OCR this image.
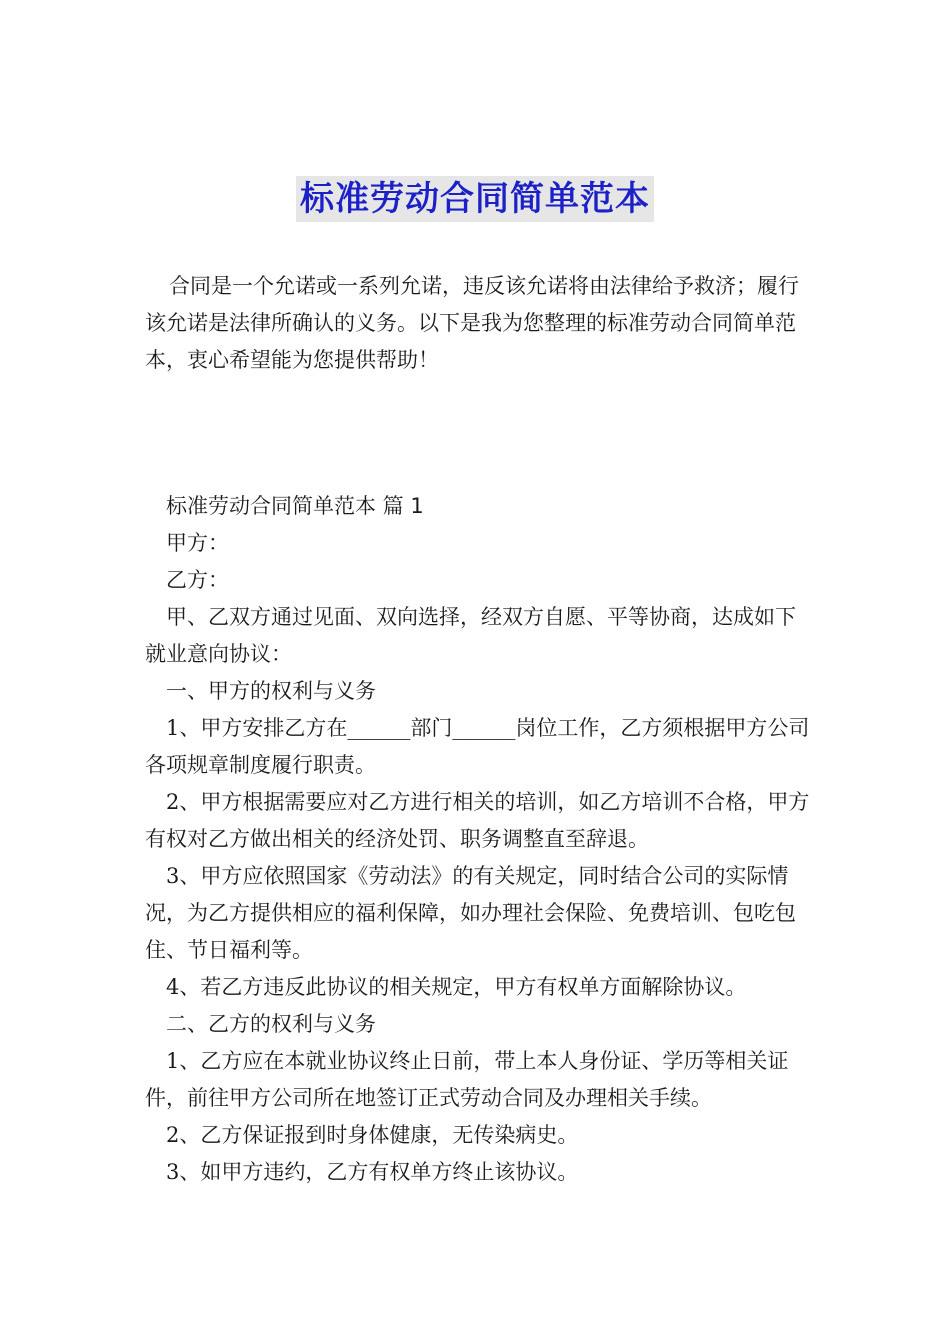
标准劳动合同简单范本

合同是一个允诺或一系列允诺，违反该允诺将由法律给予救济；履行该允诺是法律所确认的义务。以下是我为您整理的标准劳动合同简单范本，衷心希望能为您提供帮助！

标准劳动合同简单范本 篇 1

甲方：

乙方：

甲、乙双方通过见面、双向选择，经双方自愿、平等协商，达成如下就业意向协议：

一、甲方的权利与义务

1、甲方安排乙方在______部门______岗位工作，乙方须根据甲方公司各项规章制度履行职责。

2、甲方根据需要应对乙方进行相关的培训，如乙方培训不合格，甲方有权对乙方做出相关的经济处罚、职务调整直至辞退。

3、甲方应依照国家《劳动法》的有关规定，同时结合公司的实际情况，为乙方提供相应的福利保障，如办理社会保险、免费培训、包吃包住、节日福利等。

4、若乙方违反此协议的相关规定，甲方有权单方面解除协议。

二、乙方的权利与义务

1、乙方应在本就业协议终止日前，带上本人身份证、学历等相关证件，前往甲方公司所在地签订正式劳动合同及办理相关手续。

2、乙方保证报到时身体健康，无传染病史。

3、如甲方违约，乙方有权单方终止该协议。
